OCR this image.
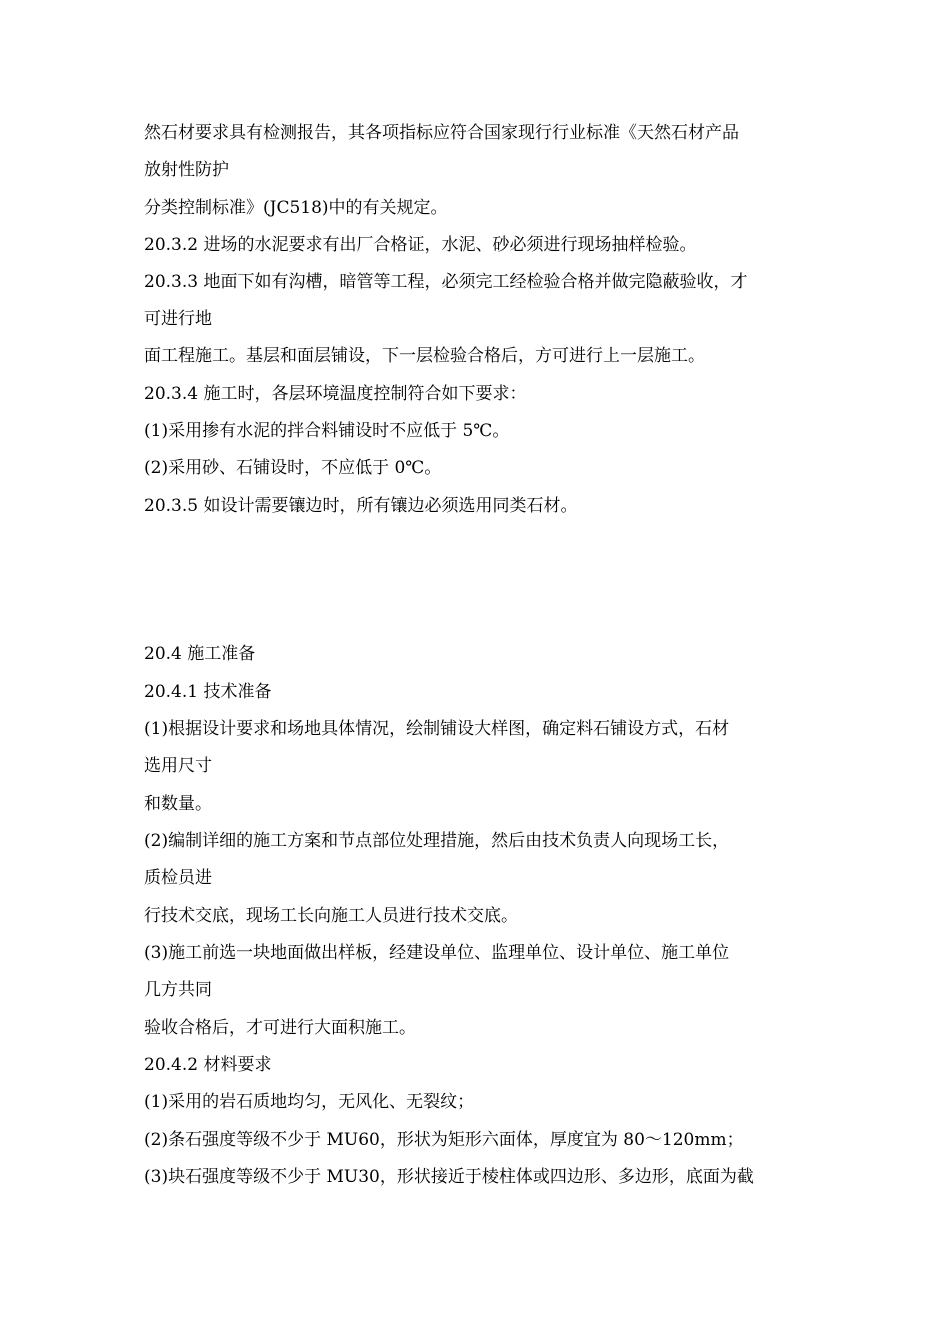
然石材要求具有检测报告，其各项指标应符合国家现行行业标准《天然石材产品
放射性防护
分类控制标准》(JC518)中的有关规定。
20.3.2 进场的水泥要求有出厂合格证，水泥、砂必须进行现场抽样检验。
20.3.3 地面下如有沟槽，暗管等工程，必须完工经检验合格并做完隐蔽验收，才
可进行地
面工程施工。基层和面层铺设，下一层检验合格后，方可进行上一层施工。
20.3.4 施工时，各层环境温度控制符合如下要求：
(1)采用掺有水泥的拌合料铺设时不应低于 5℃。
(2)采用砂、石铺设时，不应低于 0℃。
20.3.5 如设计需要镶边时，所有镶边必须选用同类石材。
20.4 施工准备
20.4.1 技术准备
(1)根据设计要求和场地具体情况，绘制铺设大样图，确定料石铺设方式，石材
选用尺寸
和数量。
(2)编制详细的施工方案和节点部位处理措施，然后由技术负责人向现场工长，
质检员进
行技术交底，现场工长向施工人员进行技术交底。
(3)施工前选一块地面做出样板，经建设单位、监理单位、设计单位、施工单位
几方共同
验收合格后，才可进行大面积施工。
20.4.2 材料要求
(1)采用的岩石质地均匀，无风化、无裂纹；
(2)条石强度等级不少于 MU60，形状为矩形六面体，厚度宜为 80～120mm；
(3)块石强度等级不少于 MU30，形状接近于棱柱体或四边形、多边形，底面为截
